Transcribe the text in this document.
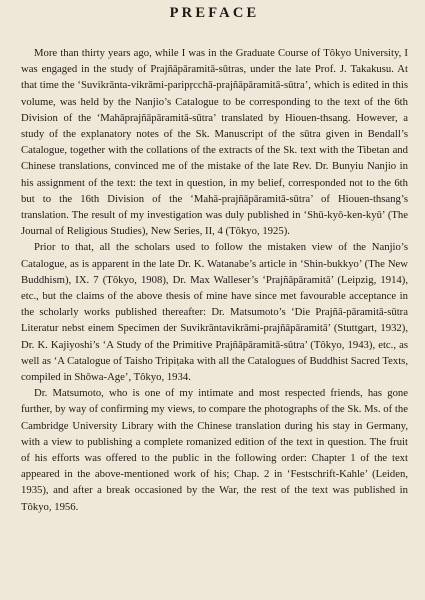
PREFACE

More than thirty years ago, while I was in the Graduate Course of Tôkyo University, I was engaged in the study of Prajñāpāramitā-sūtras, under the late Prof. J. Takakusu. At that time the ‘Suvikrānta-vikrāmi-paripṛcchā-prajñāpāramitā-sūtra’, which is edited in this volume, was held by the Nanjio’s Catalogue to be corresponding to the text of the 6th Division of the ‘Mahāprajñāpāramitā-sūtra’ translated by Hiouen-thsang. However, a study of the explanatory notes of the Sk. Manuscript of the sūtra given in Bendall’s Catalogue, together with the collations of the extracts of the Sk. text with the Tibetan and Chinese translations, convinced me of the mistake of the late Rev. Dr. Bunyiu Nanjio in his assignment of the text: the text in question, in my belief, corresponded not to the 6th but to the 16th Division of the ‘Mahā-prajñāpāramitā-sūtra’ of Hiouen-thsang’s translation. The result of my investigation was duly published in ‘Shū-kyō-ken-kyū’ (The Journal of Religious Studies), New Series, II, 4 (Tôkyo, 1925).

Prior to that, all the scholars used to follow the mistaken view of the Nanjio’s Catalogue, as is apparent in the late Dr. K. Watanabe’s article in ‘Shin-bukkyo’ (The New Buddhism), IX. 7 (Tôkyo, 1908), Dr. Max Walleser’s ‘Prajñāpāramitā’ (Leipzig, 1914), etc., but the claims of the above thesis of mine have since met favourable acceptance in the scholarly works published thereafter: Dr. Matsumoto’s ‘Die Prajñā-pāramitā-sūtra Literatur nebst einem Specimen der Suvikrāntavikrāmi-prajñāpāramitā’ (Stuttgart, 1932), Dr. K. Kajiyoshi’s ‘A Study of the Primitive Prajñāpāramitā-sūtra’ (Tôkyo, 1943), etc., as well as ‘A Catalogue of Taisho Tripiṭaka with all the Catalogues of Buddhist Sacred Texts, compiled in Shōwa-Age’, Tôkyo, 1934.

Dr. Matsumoto, who is one of my intimate and most respected friends, has gone further, by way of confirming my views, to compare the photographs of the Sk. Ms. of the Cambridge University Library with the Chinese translation during his stay in Germany, with a view to publishing a complete romanized edition of the text in question. The fruit of his efforts was offered to the public in the following order: Chapter 1 of the text appeared in the above-mentioned work of his; Chap. 2 in ‘Festschrift-Kahle’ (Leiden, 1935), and after a break occasioned by the War, the rest of the text was published in Tôkyo, 1956.
